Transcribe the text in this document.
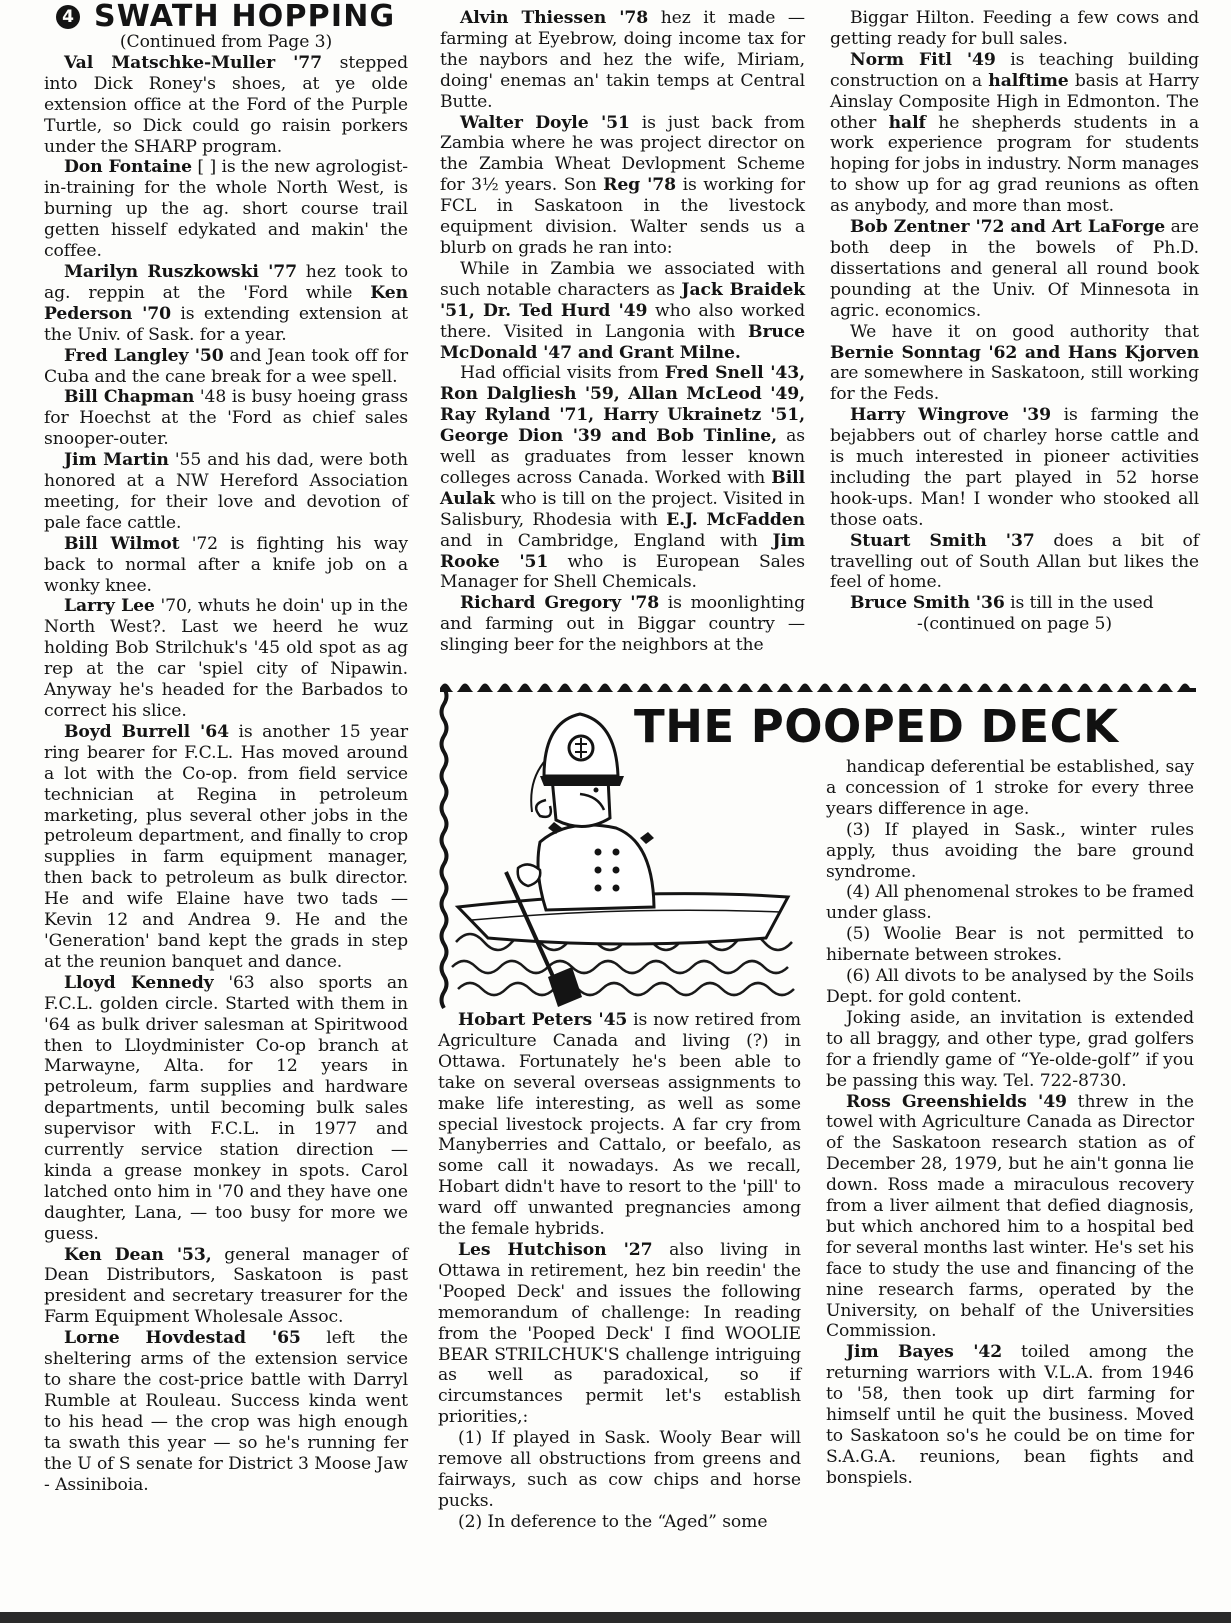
4 SWATH HOPPING

(Continued from Page 3)

Val Matschke-Muller '77 stepped into Dick Roney's shoes, at ye olde extension office at the Ford of the Purple Turtle, so Dick could go raisin porkers under the SHARP program.

Don Fontaine [ ] is the new agrologist-in-training for the whole North West, is burning up the ag. short course trail getten hisself edykated and makin' the coffee.

Marilyn Ruszkowski '77 hez took to ag. reppin at the 'Ford while Ken Pederson '70 is extending extension at the Univ. of Sask. for a year.

Fred Langley '50 and Jean took off for Cuba and the cane break for a wee spell.

Bill Chapman '48 is busy hoeing grass for Hoechst at the 'Ford as chief sales snooper-outer.

Jim Martin '55 and his dad, were both honored at a NW Hereford Association meeting, for their love and devotion of pale face cattle.

Bill Wilmot '72 is fighting his way back to normal after a knife job on a wonky knee.

Larry Lee '70, whuts he doin' up in the North West?. Last we heerd he wuz holding Bob Strilchuk's '45 old spot as ag rep at the car 'spiel city of Nipawin. Anyway he's headed for the Barbados to correct his slice.

Boyd Burrell '64 is another 15 year ring bearer for F.C.L. Has moved around a lot with the Co-op. from field service technician at Regina in petroleum marketing, plus several other jobs in the petroleum department, and finally to crop supplies in farm equipment manager, then back to petroleum as bulk director. He and wife Elaine have two tads — Kevin 12 and Andrea 9. He and the 'Generation' band kept the grads in step at the reunion banquet and dance.

Lloyd Kennedy '63 also sports an F.C.L. golden circle. Started with them in '64 as bulk driver salesman at Spiritwood then to Lloydminister Co-op branch at Marwayne, Alta. for 12 years in petroleum, farm supplies and hardware departments, until becoming bulk sales supervisor with F.C.L. in 1977 and currently service station direction — kinda a grease monkey in spots. Carol latched onto him in '70 and they have one daughter, Lana, — too busy for more we guess.

Ken Dean '53, general manager of Dean Distributors, Saskatoon is past president and secretary treasurer for the Farm Equipment Wholesale Assoc.

Lorne Hovdestad '65 left the sheltering arms of the extension service to share the cost-price battle with Darryl Rumble at Rouleau. Success kinda went to his head — the crop was high enough ta swath this year — so he's running fer the U of S senate for District 3 Moose Jaw - Assiniboia.

Alvin Thiessen '78 hez it made — farming at Eyebrow, doing income tax for the naybors and hez the wife, Miriam, doing' enemas an' takin temps at Central Butte.

Walter Doyle '51 is just back from Zambia where he was project director on the Zambia Wheat Devlopment Scheme for 3½ years. Son Reg '78 is working for FCL in Saskatoon in the livestock equipment division. Walter sends us a blurb on grads he ran into:

While in Zambia we associated with such notable characters as Jack Braidek '51, Dr. Ted Hurd '49 who also worked there. Visited in Langonia with Bruce McDonald '47 and Grant Milne.

Had official visits from Fred Snell '43, Ron Dalgliesh '59, Allan McLeod '49, Ray Ryland '71, Harry Ukrainetz '51, George Dion '39 and Bob Tinline, as well as graduates from lesser known colleges across Canada. Worked with Bill Aulak who is till on the project. Visited in Salisbury, Rhodesia with E.J. McFadden and in Cambridge, England with Jim Rooke '51 who is European Sales Manager for Shell Chemicals.

Richard Gregory '78 is moonlighting and farming out in Biggar country — slinging beer for the neighbors at the

Biggar Hilton. Feeding a few cows and getting ready for bull sales.

Norm Fitl '49 is teaching building construction on a halftime basis at Harry Ainslay Composite High in Edmonton. The other half he shepherds students in a work experience program for students hoping for jobs in industry. Norm manages to show up for ag grad reunions as often as anybody, and more than most.

Bob Zentner '72 and Art LaForge are both deep in the bowels of Ph.D. dissertations and general all round book pounding at the Univ. Of Minnesota in agric. economics.

We have it on good authority that Bernie Sonntag '62 and Hans Kjorven are somewhere in Saskatoon, still working for the Feds.

Harry Wingrove '39 is farming the bejabbers out of charley horse cattle and is much interested in pioneer activities including the part played in 52 horse hook-ups. Man! I wonder who stooked all those oats.

Stuart Smith '37 does a bit of travelling out of South Allan but likes the feel of home.

Bruce Smith '36 is till in the used

-(continued on page 5)

THE POOPED DECK

Hobart Peters '45 is now retired from Agriculture Canada and living (?) in Ottawa. Fortunately he's been able to take on several overseas assignments to make life interesting, as well as some special livestock projects. A far cry from Manyberries and Cattalo, or beefalo, as some call it nowadays. As we recall, Hobart didn't have to resort to the 'pill' to ward off unwanted pregnancies among the female hybrids.

Les Hutchison '27 also living in Ottawa in retirement, hez bin reedin' the 'Pooped Deck' and issues the following memorandum of challenge: In reading from the 'Pooped Deck' I find WOOLIE BEAR STRILCHUK'S challenge intriguing as well as paradoxical, so if circumstances permit let's establish priorities,:

(1) If played in Sask. Wooly Bear will remove all obstructions from greens and fairways, such as cow chips and horse pucks.

(2) In deference to the “Aged” some

handicap deferential be established, say a concession of 1 stroke for every three years difference in age.

(3) If played in Sask., winter rules apply, thus avoiding the bare ground syndrome.

(4) All phenomenal strokes to be framed under glass.

(5) Woolie Bear is not permitted to hibernate between strokes.

(6) All divots to be analysed by the Soils Dept. for gold content.

Joking aside, an invitation is extended to all braggy, and other type, grad golfers for a friendly game of “Ye-olde-golf” if you be passing this way. Tel. 722-8730.

Ross Greenshields '49 threw in the towel with Agriculture Canada as Director of the Saskatoon research station as of December 28, 1979, but he ain't gonna lie down. Ross made a miraculous recovery from a liver ailment that defied diagnosis, but which anchored him to a hospital bed for several months last winter. He's set his face to study the use and financing of the nine research farms, operated by the University, on behalf of the Universities Commission.

Jim Bayes '42 toiled among the returning warriors with V.L.A. from 1946 to '58, then took up dirt farming for himself until he quit the business. Moved to Saskatoon so's he could be on time for S.A.G.A. reunions, bean fights and bonspiels.
